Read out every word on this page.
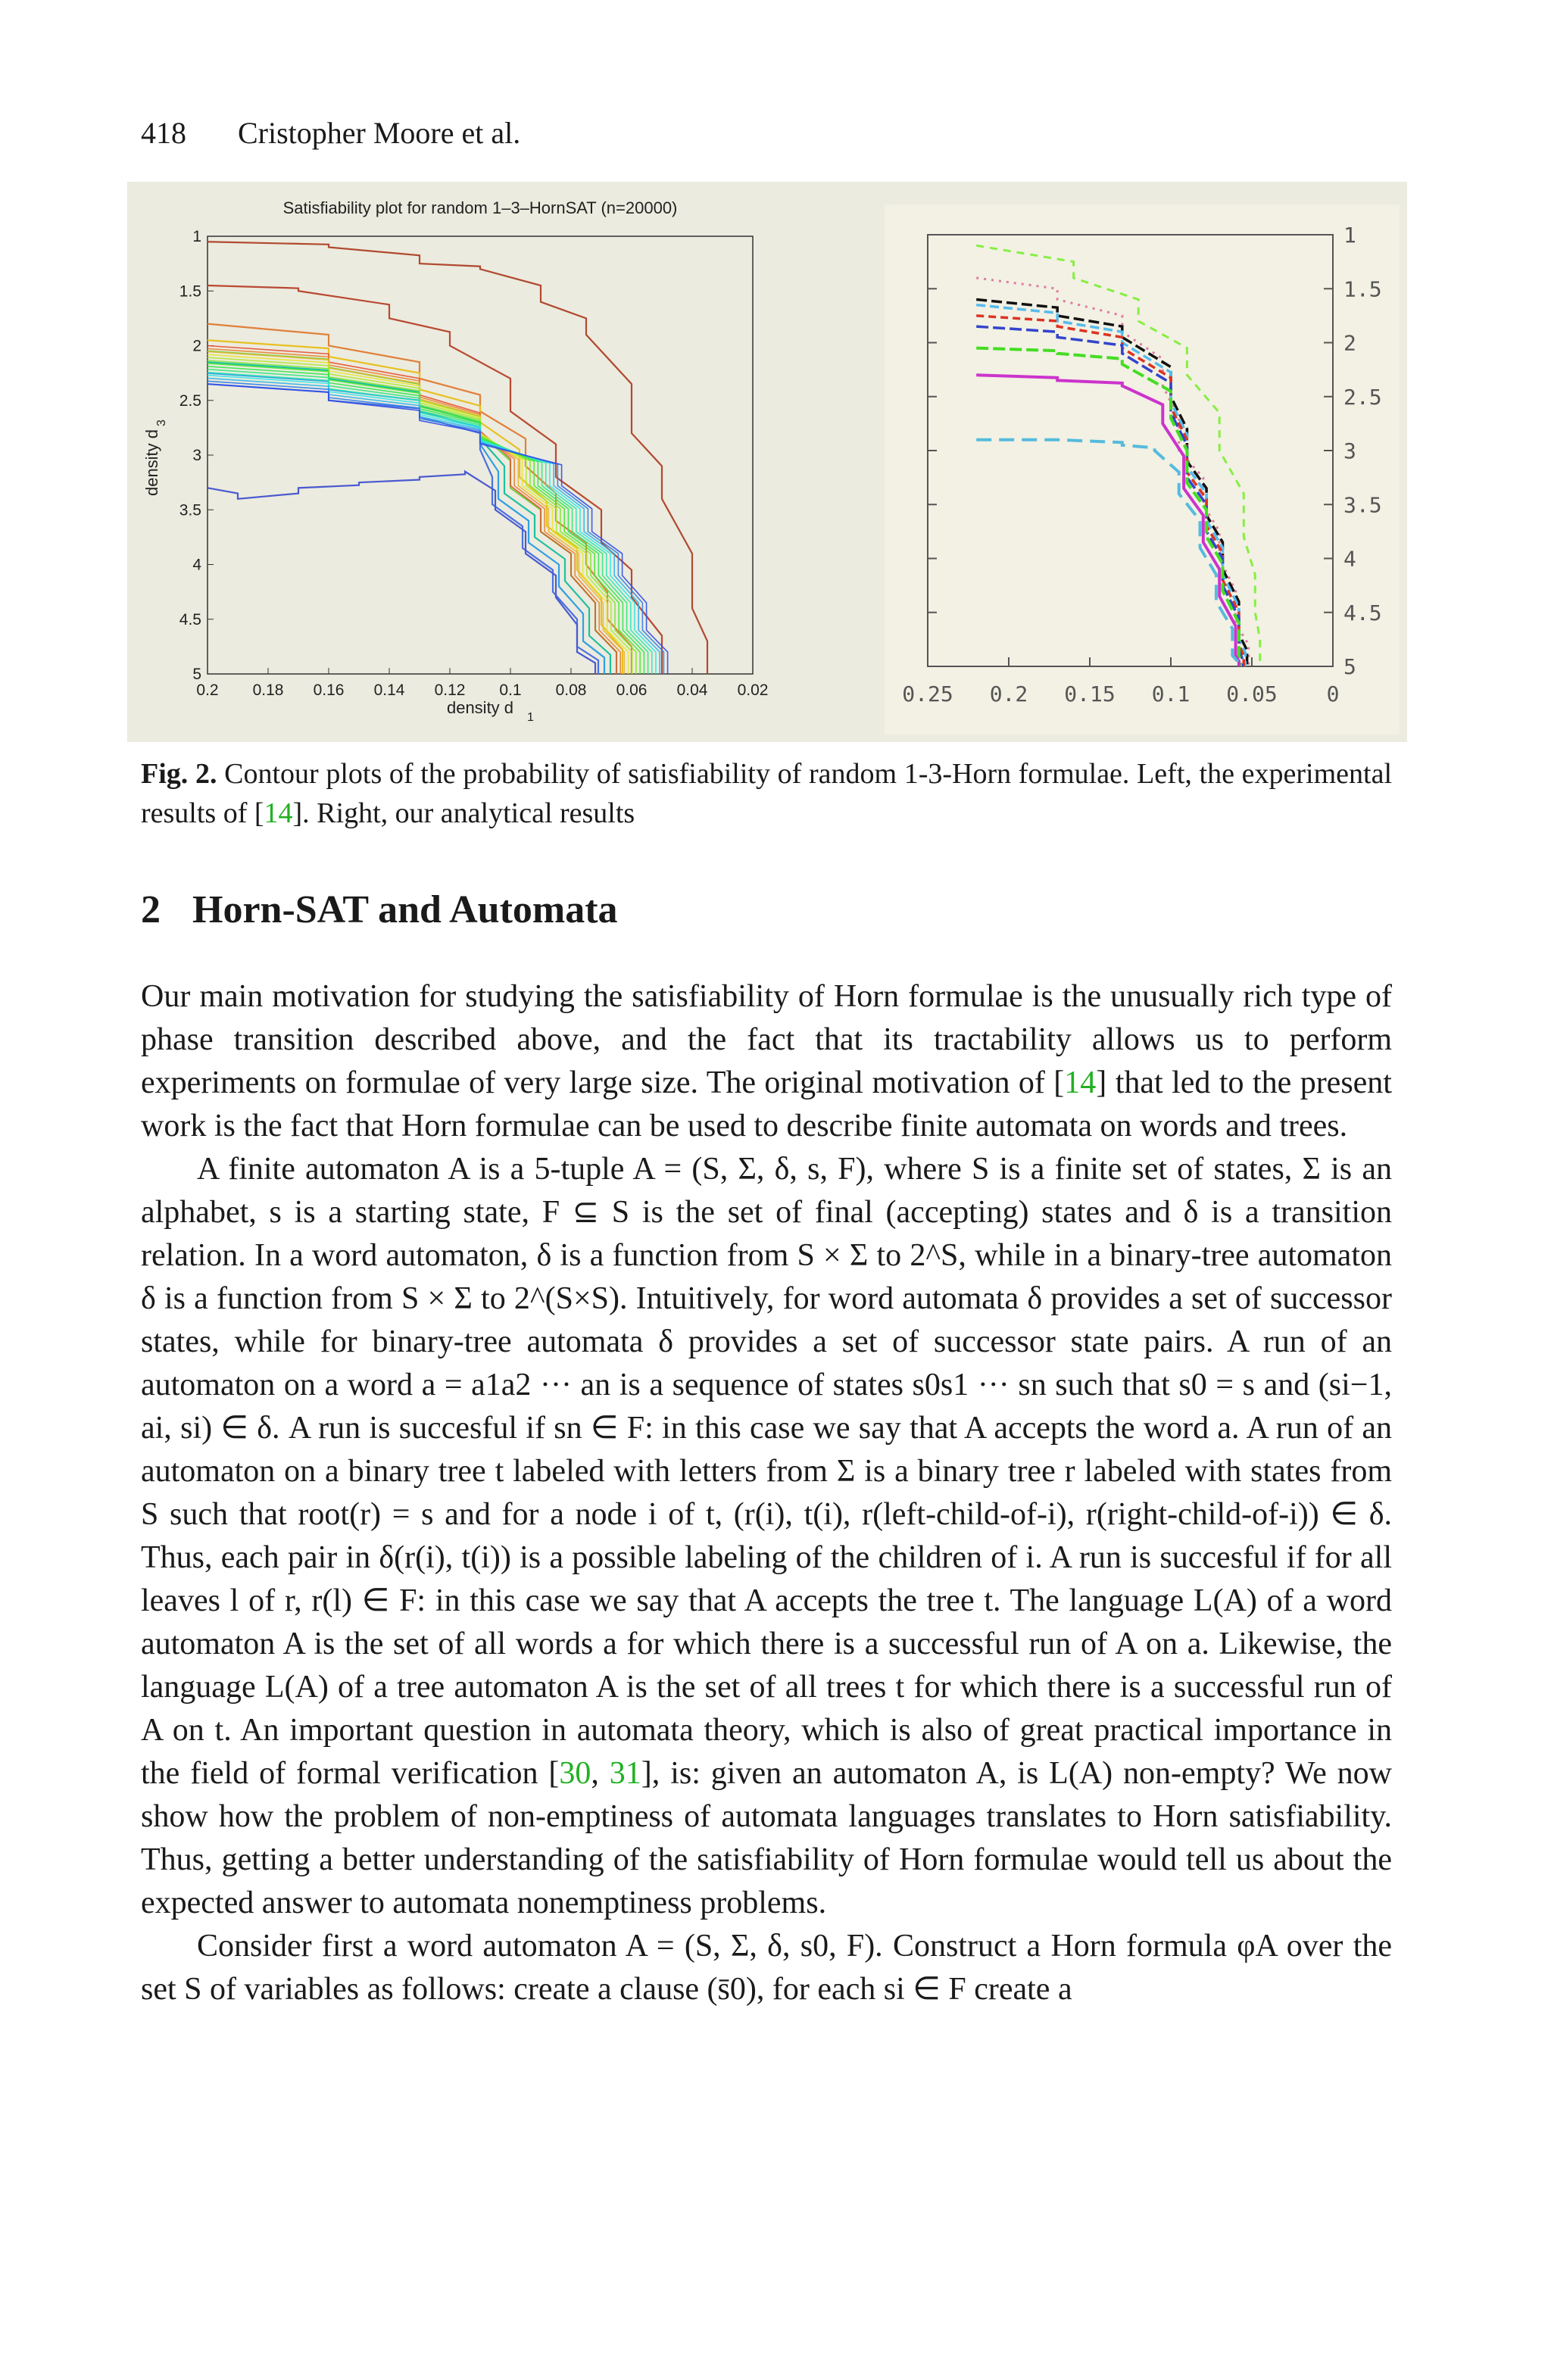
418 Cristopher Moore et al.
Satisfiability plot for random 1–3–HornSAT (n=20000)
1
1.5
2
2.5
3
3.5
4
4.5
5
0.2 0.18 0.16 0.14 0.12 0.1 0.08 0.06 0.04 0.02
density d
1
density d
3
1
1.5
2
2.5
3
3.5
4
4.5
5
0.25 0.2 0.15 0.1 0.05 0
Fig. 2. Contour plots of the probability of satisfiability of random 1-3-Horn formulae. Left, the experimental results of [14]. Right, our analytical results
2 Horn-SAT and Automata

Our main motivation for studying the satisfiability of Horn formulae is the unusually rich type of phase transition described above, and the fact that its tractability allows us to perform experiments on formulae of very large size. The original motivation of [14] that led to the present work is the fact that Horn formulae can be used to describe finite automata on words and trees.

A finite automaton A is a 5-tuple A = (S, Σ, δ, s, F), where S is a finite set of states, Σ is an alphabet, s is a starting state, F ⊆ S is the set of final (accepting) states and δ is a transition relation. In a word automaton, δ is a function from S × Σ to 2^S, while in a binary-tree automaton δ is a function from S × Σ to 2^(S×S). Intuitively, for word automata δ provides a set of successor states, while for binary-tree automata δ provides a set of successor state pairs. A run of an automaton on a word a = a1a2 ··· an is a sequence of states s0s1 ··· sn such that s0 = s and (si−1, ai, si) ∈ δ. A run is succesful if sn ∈ F: in this case we say that A accepts the word a. A run of an automaton on a binary tree t labeled with letters from Σ is a binary tree r labeled with states from S such that root(r) = s and for a node i of t, (r(i), t(i), r(left-child-of-i), r(right-child-of-i)) ∈ δ. Thus, each pair in δ(r(i), t(i)) is a possible labeling of the children of i. A run is succesful if for all leaves l of r, r(l) ∈ F: in this case we say that A accepts the tree t. The language L(A) of a word automaton A is the set of all words a for which there is a successful run of A on a. Likewise, the language L(A) of a tree automaton A is the set of all trees t for which there is a successful run of A on t. An important question in automata theory, which is also of great practical importance in the field of formal verification [30, 31], is: given an automaton A, is L(A) non-empty? We now show how the problem of non-emptiness of automata languages translates to Horn satisfiability. Thus, getting a better understanding of the satisfiability of Horn formulae would tell us about the expected answer to automata nonemptiness problems.

Consider first a word automaton A = (S, Σ, δ, s0, F). Construct a Horn formula φA over the set S of variables as follows: create a clause (s̄0), for each si ∈ F create a
